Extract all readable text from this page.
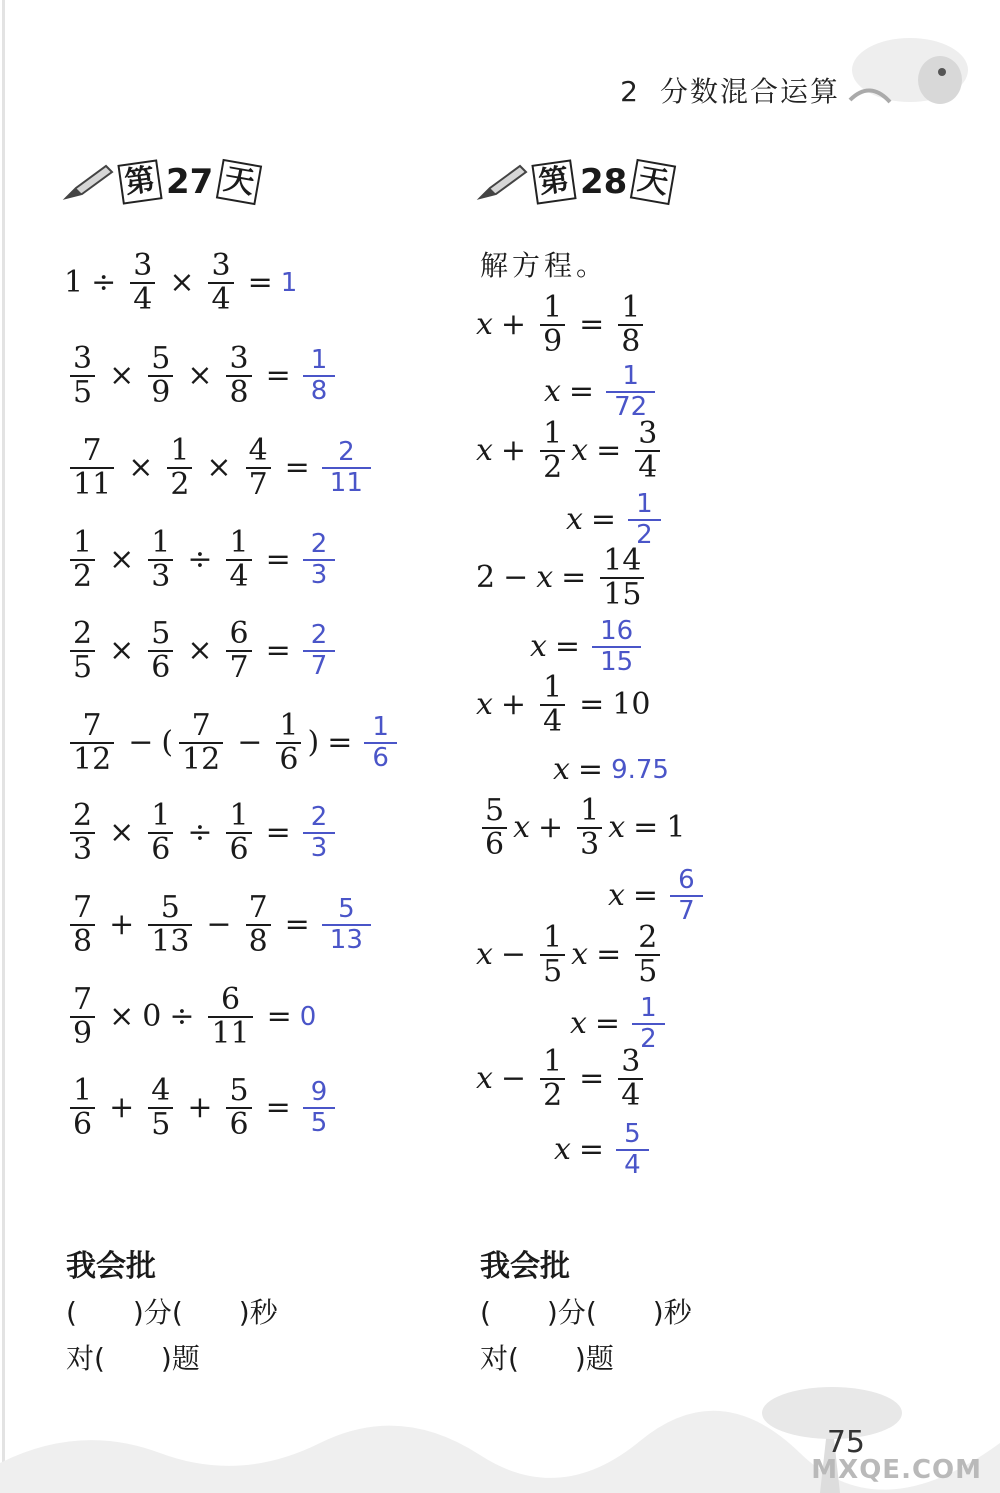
2 分数混合运算
第 27 天	第 28 天
解方程。
$1 \div \frac{3}{4} \times \frac{3}{4} = 1$
$\frac{3}{5} \times \frac{5}{9} \times \frac{3}{8} = \frac{1}{8}$
$\frac{7}{11} \times \frac{1}{2} \times \frac{4}{7} = \frac{2}{11}$
$\frac{1}{2} \times \frac{1}{3} \div \frac{1}{4} = \frac{2}{3}$
$\frac{2}{5} \times \frac{5}{6} \times \frac{6}{7} = \frac{2}{7}$
$\frac{7}{12}$ − ( $\frac{7}{12} - \frac{1}{6}$ ) = $\frac{1}{6}$
$\frac{2}{3} \times \frac{1}{6} \div \frac{1}{6} = \frac{2}{3}$
$\frac{7}{8} + \frac{5}{13} - \frac{7}{8} = \frac{5}{13}$
$\frac{7}{9} \times 0 \div \frac{6}{11} = 0$
$\frac{1}{6} + \frac{4}{5} + \frac{5}{6} = \frac{9}{5}$
$x + \frac{1}{9} = \frac{1}{8}$
$x = \frac{1}{72}$
$x + \frac{1}{2}$ $x = \frac{3}{4}$
$x = \frac{1}{2}$
$2 - x = \frac{14}{15}$
$x = \frac{16}{15}$
$x + \frac{1}{4} = 10$
x = 9.75
$\frac{5}{6}$ $x + \frac{1}{3}$ x = 1
$x = \frac{6}{7}$
$x - \frac{1}{5}$ $x = \frac{2}{5}$
$x = \frac{1}{2}$
$x - \frac{1}{2} = \frac{3}{4}$
$x = \frac{5}{4}$
我会批
(　　)分(　　)秒
对(　　)题
我会批
(　　)分(　　)秒
对(　　)题
75
MXQE.COM
